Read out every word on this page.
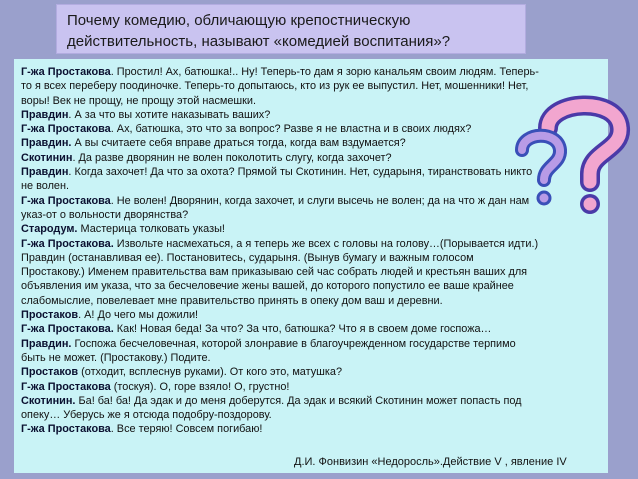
Почему комедию, обличающую крепостническую
действительность, называют «комедией воспитания»?
Г-жа Простакова. Простил! Ах, батюшка!.. Ну! Теперь-то дам я зорю канальям своим людям. Теперь-
то я всех переберу поодиночке. Теперь-то допытаюсь, кто из рук ее выпустил. Нет, мошенники! Нет,
воры! Век не прощу, не прощу этой насмешки.
Правдин. А за что вы хотите наказывать ваших?
Г-жа Простакова. Ах, батюшка, это что за вопрос? Разве я не властна и в своих людях?
Правдин. А вы считаете себя вправе драться тогда, когда вам вздумается?
Скотинин. Да разве дворянин не волен поколотить слугу, когда захочет?
Правдин. Когда захочет! Да что за охота? Прямой ты Скотинин. Нет, сударыня, тиранствовать никто
не волен.
Г-жа Простакова. Не волен! Дворянин, когда захочет, и слуги высечь не волен; да на что ж дан нам
указ-от о вольности дворянства?
Стародум. Мастерица толковать указы!
Г-жа Простакова. Извольте насмехаться, а я теперь же всех с головы на голову…(Порывается идти.)
Правдин (останавливая ее). Постановитесь, сударыня. (Вынув бумагу и важным голосом
Простакову.) Именем правительства вам приказываю сей час собрать людей и крестьян ваших для
объявления им указа, что за бесчеловечие жены вашей, до которого попустило ее ваше крайнее
слабомыслие, повелевает мне правительство принять в опеку дом ваш и деревни.
Простаков. А! До чего мы дожили!
Г-жа Простакова. Как! Новая беда! За что? За что, батюшка? Что я в своем доме госпожа…
Правдин. Госпожа бесчеловечная, которой злонравие в благоучрежденном государстве терпимо
быть не может. (Простакову.) Подите.
Простаков (отходит, всплеснув руками). От кого это, матушка?
Г-жа Простакова (тоскуя). О, горе взяло! О, грустно!
Скотинин. Ба! ба! ба! Да эдак и до меня доберутся. Да эдак и всякий Скотинин может попасть под
опеку… Уберусь же я отсюда подобру-поздорову.
Г-жа Простакова. Все теряю! Совсем погибаю!
Д.И. Фонвизин «Недоросль».Действие V , явление IV
